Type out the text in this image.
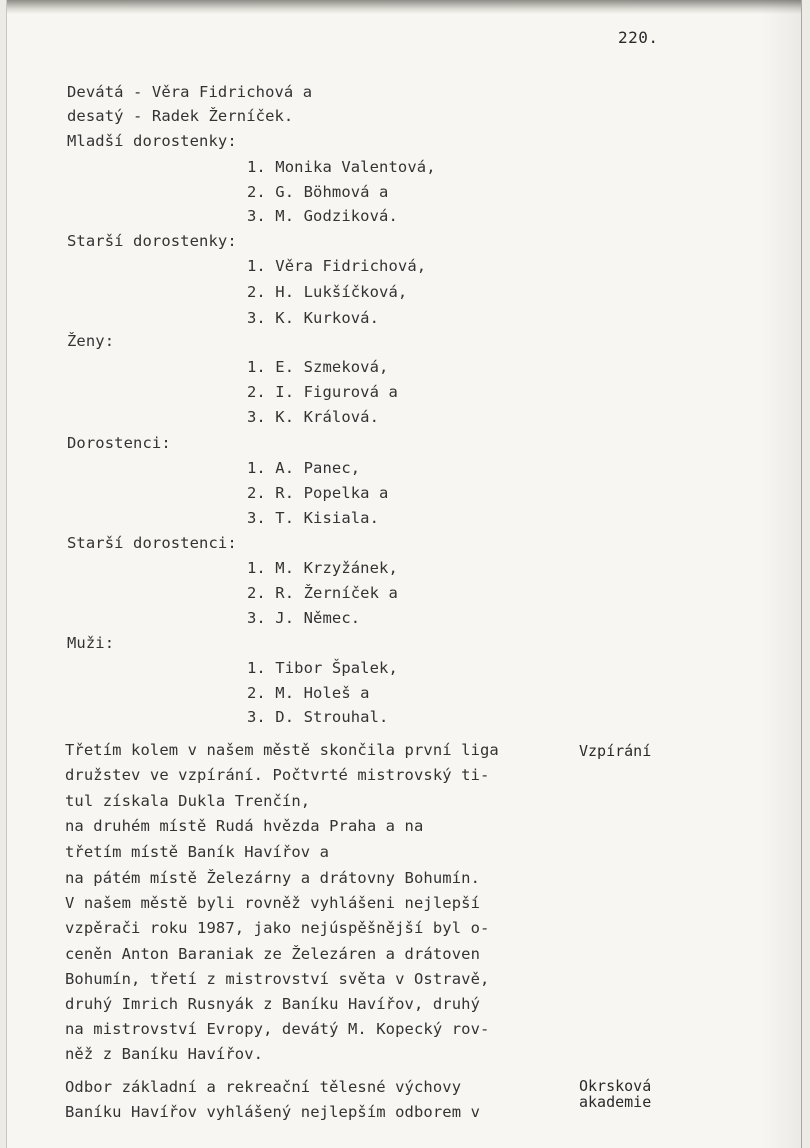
220.
Devátá - Věra Fidrichová a
desatý - Radek Žerníček.
Mladší dorostenky:
1. Monika Valentová,
2. G. Böhmová a
3. M. Godziková.
Starší dorostenky:
1. Věra Fidrichová,
2. H. Lukšíčková,
3. K. Kurková.
Ženy:
1. E. Szmeková,
2. I. Figurová a
3. K. Králová.
Dorostenci:
1. A. Panec,
2. R. Popelka a
3. T. Kisiala.
Starší dorostenci:
1. M. Krzyžánek,
2. R. Žerníček a
3. J. Němec.
Muži:
1. Tibor Špalek,
2. M. Holeš a
3. D. Strouhal.
Třetím kolem v našem městě skončila první liga
družstev ve vzpírání. Počtvrté mistrovský ti-
tul získala Dukla Trenčín,
na druhém místě Rudá hvězda Praha a na
třetím místě Baník Havířov a
na pátém místě Železárny a drátovny Bohumín.
V našem městě byli rovněž vyhlášeni nejlepší
vzpěrači roku 1987, jako nejúspěšnější byl o-
ceněn Anton Baraniak ze Železáren a drátoven
Bohumín, třetí z mistrovství světa v Ostravě,
druhý Imrich Rusnyák z Baníku Havířov, druhý
na mistrovství Evropy, devátý M. Kopecký rov-
něž z Baníku Havířov.
Odbor základní a rekreační tělesné výchovy
Baníku Havířov vyhlášený nejlepším odborem v
Vzpírání
Okrsková
akademie
